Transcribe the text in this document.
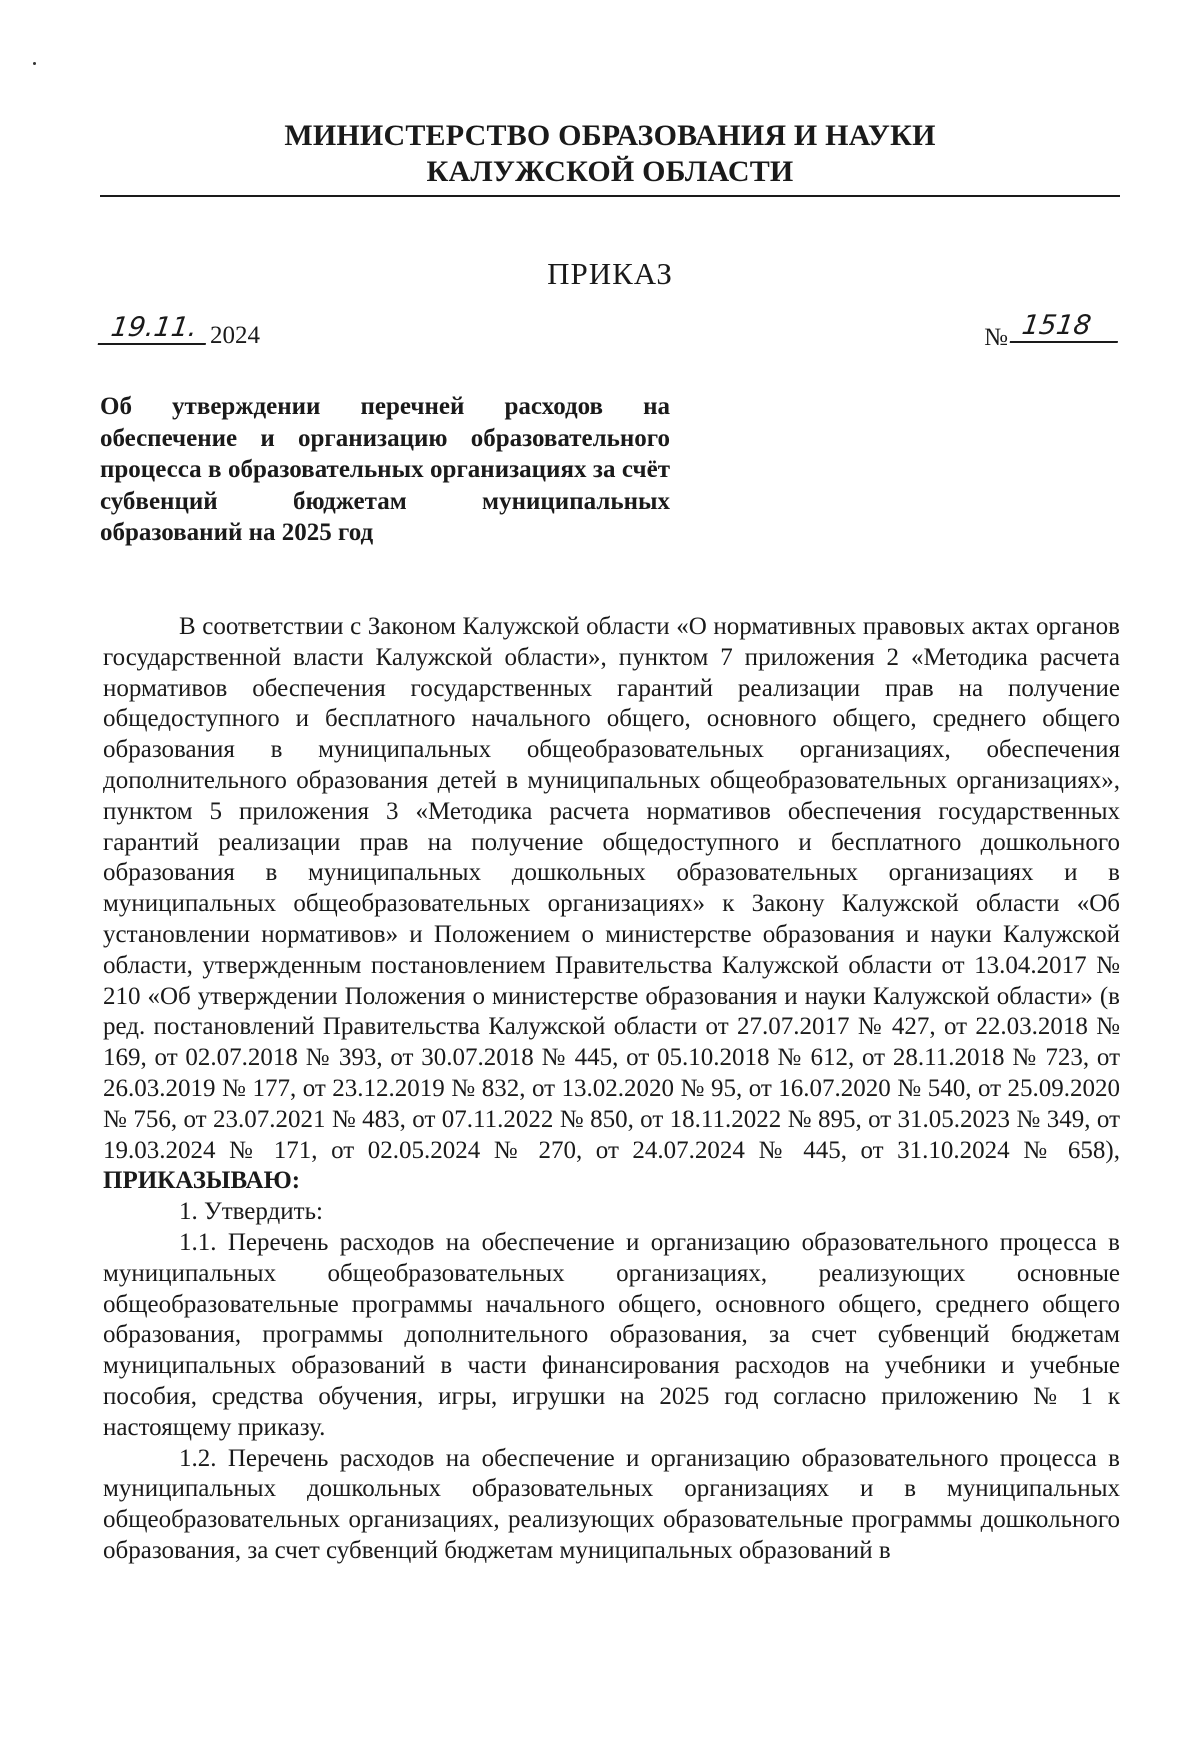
МИНИСТЕРСТВО ОБРАЗОВАНИЯ И НАУКИ

КАЛУЖСКОЙ ОБЛАСТИ
ПРИКАЗ
19.11. 2024	№ 1518
Об утверждении перечней расходов на обеспечение и организацию образовательного процесса в образовательных организациях за счёт субвенций бюджетам муниципальных образований на 2025 год

В соответствии с Законом Калужской области «О нормативных правовых актах органов государственной власти Калужской области», пунктом 7 приложения 2 «Методика расчета нормативов обеспечения государственных гарантий реализации прав на получение общедоступного и бесплатного начального общего, основного общего, среднего общего образования в муниципальных общеобразовательных организациях, обеспечения дополнительного образования детей в муниципальных общеобразовательных организациях», пунктом 5 приложения 3 «Методика расчета нормативов обеспечения государственных гарантий реализации прав на получение общедоступного и бесплатного дошкольного образования в муниципальных дошкольных образовательных организациях и в муниципальных общеобразовательных организациях» к Закону Калужской области «Об установлении нормативов» и Положением о министерстве образования и науки Калужской области, утвержденным постановлением Правительства Калужской области от 13.04.2017 № 210 «Об утверждении Положения о министерстве образования и науки Калужской области» (в ред. постановлений Правительства Калужской области от 27.07.2017 № 427, от 22.03.2018 № 169, от 02.07.2018 № 393, от 30.07.2018 № 445, от 05.10.2018 № 612, от 28.11.2018 № 723, от 26.03.2019 № 177, от 23.12.2019 № 832, от 13.02.2020 № 95, от 16.07.2020 № 540, от 25.09.2020 № 756, от 23.07.2021 № 483, от 07.11.2022 № 850, от 18.11.2022 № 895, от 31.05.2023 № 349, от 19.03.2024 № 171, от 02.05.2024 № 270, от 24.07.2024 № 445, от 31.10.2024 № 658), ПРИКАЗЫВАЮ:

1. Утвердить:

1.1. Перечень расходов на обеспечение и организацию образовательного процесса в муниципальных общеобразовательных организациях, реализующих основные общеобразовательные программы начального общего, основного общего, среднего общего образования, программы дополнительного образования, за счет субвенций бюджетам муниципальных образований в части финансирования расходов на учебники и учебные пособия, средства обучения, игры, игрушки на 2025 год согласно приложению № 1 к настоящему приказу.

1.2. Перечень расходов на обеспечение и организацию образовательного процесса в муниципальных дошкольных образовательных организациях и в муниципальных общеобразовательных организациях, реализующих образовательные программы дошкольного образования, за счет субвенций бюджетам муниципальных образований в
